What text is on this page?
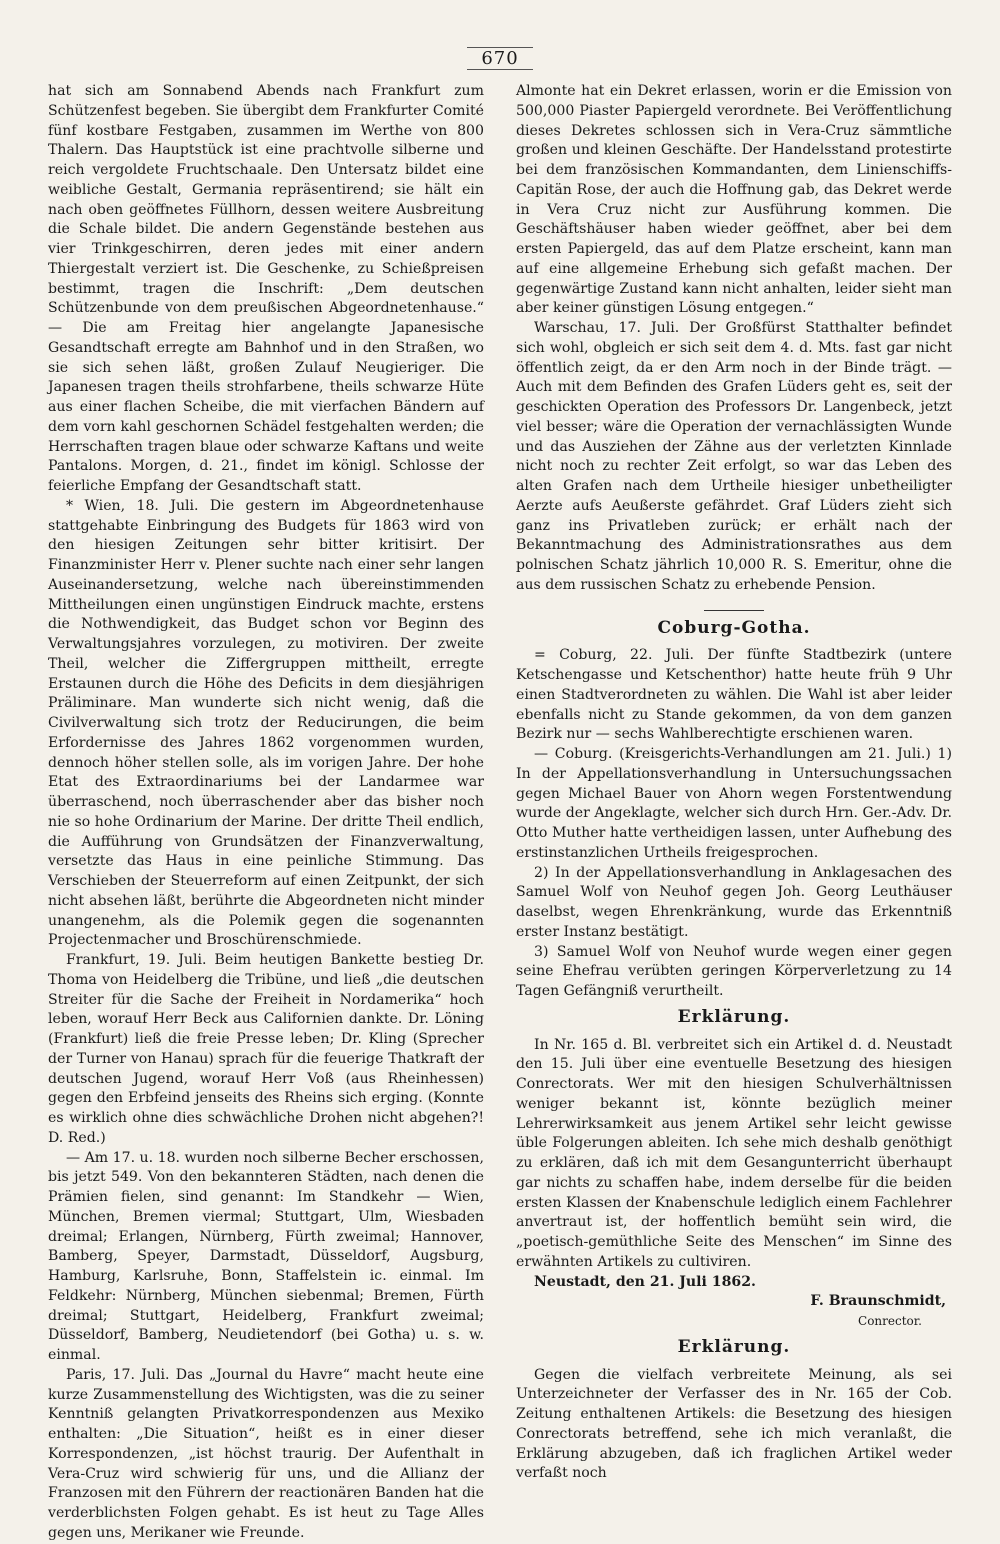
670

hat sich am Sonnabend Abends nach Frankfurt zum Schützenfest begeben. Sie übergibt dem Frankfurter Comité fünf kostbare Festgaben, zusammen im Werthe von 800 Thalern. Das Hauptstück ist eine prachtvolle silberne und reich vergoldete Fruchtschaale. Den Untersatz bildet eine weibliche Gestalt, Germania repräsentirend; sie hält ein nach oben geöffnetes Füllhorn, dessen weitere Ausbreitung die Schale bildet. Die andern Gegenstände bestehen aus vier Trinkgeschirren, deren jedes mit einer andern Thiergestalt verziert ist. Die Geschenke, zu Schießpreisen bestimmt, tragen die Inschrift: „Dem deutschen Schützenbunde von dem preußischen Abgeordnetenhause.“ — Die am Freitag hier angelangte Japanesische Gesandtschaft erregte am Bahnhof und in den Straßen, wo sie sich sehen läßt, großen Zulauf Neugieriger. Die Japanesen tragen theils strohfarbene, theils schwarze Hüte aus einer flachen Scheibe, die mit vierfachen Bändern auf dem vorn kahl geschornen Schädel festgehalten werden; die Herrschaften tragen blaue oder schwarze Kaftans und weite Pantalons. Morgen, d. 21., findet im königl. Schlosse der feierliche Empfang der Gesandtschaft statt.

* Wien, 18. Juli. Die gestern im Abgeordnetenhause stattgehabte Einbringung des Budgets für 1863 wird von den hiesigen Zeitungen sehr bitter kritisirt. Der Finanzminister Herr v. Plener suchte nach einer sehr langen Auseinandersetzung, welche nach übereinstimmenden Mittheilungen einen ungünstigen Eindruck machte, erstens die Nothwendigkeit, das Budget schon vor Beginn des Verwaltungsjahres vorzulegen, zu motiviren. Der zweite Theil, welcher die Ziffergruppen mittheilt, erregte Erstaunen durch die Höhe des Deficits in dem diesjährigen Präliminare. Man wunderte sich nicht wenig, daß die Civilverwaltung sich trotz der Reducirungen, die beim Erfordernisse des Jahres 1862 vorgenommen wurden, dennoch höher stellen solle, als im vorigen Jahre. Der hohe Etat des Extraordinariums bei der Landarmee war überraschend, noch überraschender aber das bisher noch nie so hohe Ordinarium der Marine. Der dritte Theil endlich, die Aufführung von Grundsätzen der Finanzverwaltung, versetzte das Haus in eine peinliche Stimmung. Das Verschieben der Steuerreform auf einen Zeitpunkt, der sich nicht absehen läßt, berührte die Abgeordneten nicht minder unangenehm, als die Polemik gegen die sogenannten Projectenmacher und Broschürenschmiede.

Frankfurt, 19. Juli. Beim heutigen Bankette bestieg Dr. Thoma von Heidelberg die Tribüne, und ließ „die deutschen Streiter für die Sache der Freiheit in Nordamerika“ hoch leben, worauf Herr Beck aus Californien dankte. Dr. Löning (Frankfurt) ließ die freie Presse leben; Dr. Kling (Sprecher der Turner von Hanau) sprach für die feuerige Thatkraft der deutschen Jugend, worauf Herr Voß (aus Rheinhessen) gegen den Erbfeind jenseits des Rheins sich erging. (Konnte es wirklich ohne dies schwächliche Drohen nicht abgehen?! D. Red.)

— Am 17. u. 18. wurden noch silberne Becher erschossen, bis jetzt 549. Von den bekannteren Städten, nach denen die Prämien fielen, sind genannt: Im Standkehr — Wien, München, Bremen viermal; Stuttgart, Ulm, Wiesbaden dreimal; Erlangen, Nürnberg, Fürth zweimal; Hannover, Bamberg, Speyer, Darmstadt, Düsseldorf, Augsburg, Hamburg, Karlsruhe, Bonn, Staffelstein ic. einmal. Im Feldkehr: Nürnberg, München siebenmal; Bremen, Fürth dreimal; Stuttgart, Heidelberg, Frankfurt zweimal; Düsseldorf, Bamberg, Neudietendorf (bei Gotha) u. s. w. einmal.

Paris, 17. Juli. Das „Journal du Havre“ macht heute eine kurze Zusammenstellung des Wichtigsten, was die zu seiner Kenntniß gelangten Privatkorrespondenzen aus Mexiko enthalten: „Die Situation“, heißt es in einer dieser Korrespondenzen, „ist höchst traurig. Der Aufenthalt in Vera-Cruz wird schwierig für uns, und die Allianz der Franzosen mit den Führern der reactionären Banden hat die verderblichsten Folgen gehabt. Es ist heut zu Tage Alles gegen uns, Merikaner wie Freunde.

Almonte hat ein Dekret erlassen, worin er die Emission von 500,000 Piaster Papiergeld verordnete. Bei Veröffentlichung dieses Dekretes schlossen sich in Vera-Cruz sämmtliche großen und kleinen Geschäfte. Der Handelsstand protestirte bei dem französischen Kommandanten, dem Linienschiffs-Capitän Rose, der auch die Hoffnung gab, das Dekret werde in Vera Cruz nicht zur Ausführung kommen. Die Geschäftshäuser haben wieder geöffnet, aber bei dem ersten Papiergeld, das auf dem Platze erscheint, kann man auf eine allgemeine Erhebung sich gefaßt machen. Der gegenwärtige Zustand kann nicht anhalten, leider sieht man aber keiner günstigen Lösung entgegen.“

Warschau, 17. Juli. Der Großfürst Statthalter befindet sich wohl, obgleich er sich seit dem 4. d. Mts. fast gar nicht öffentlich zeigt, da er den Arm noch in der Binde trägt. — Auch mit dem Befinden des Grafen Lüders geht es, seit der geschickten Operation des Professors Dr. Langenbeck, jetzt viel besser; wäre die Operation der vernachlässigten Wunde und das Ausziehen der Zähne aus der verletzten Kinnlade nicht noch zu rechter Zeit erfolgt, so war das Leben des alten Grafen nach dem Urtheile hiesiger unbetheiligter Aerzte aufs Aeußerste gefährdet. Graf Lüders zieht sich ganz ins Privatleben zurück; er erhält nach der Bekanntmachung des Administrationsrathes aus dem polnischen Schatz jährlich 10,000 R. S. Emeritur, ohne die aus dem russischen Schatz zu erhebende Pension.

Coburg-Gotha.

= Coburg, 22. Juli. Der fünfte Stadtbezirk (untere Ketschengasse und Ketschenthor) hatte heute früh 9 Uhr einen Stadtverordneten zu wählen. Die Wahl ist aber leider ebenfalls nicht zu Stande gekommen, da von dem ganzen Bezirk nur — sechs Wahlberechtigte erschienen waren.

— Coburg. (Kreisgerichts-Verhandlungen am 21. Juli.) 1) In der Appellationsverhandlung in Untersuchungssachen gegen Michael Bauer von Ahorn wegen Forstentwendung wurde der Angeklagte, welcher sich durch Hrn. Ger.-Adv. Dr. Otto Muther hatte vertheidigen lassen, unter Aufhebung des erstinstanzlichen Urtheils freigesprochen.

2) In der Appellationsverhandlung in Anklagesachen des Samuel Wolf von Neuhof gegen Joh. Georg Leuthäuser daselbst, wegen Ehrenkränkung, wurde das Erkenntniß erster Instanz bestätigt.

3) Samuel Wolf von Neuhof wurde wegen einer gegen seine Ehefrau verübten geringen Körperverletzung zu 14 Tagen Gefängniß verurtheilt.

Erklärung.

In Nr. 165 d. Bl. verbreitet sich ein Artikel d. d. Neustadt den 15. Juli über eine eventuelle Besetzung des hiesigen Conrectorats. Wer mit den hiesigen Schulverhältnissen weniger bekannt ist, könnte bezüglich meiner Lehrerwirksamkeit aus jenem Artikel sehr leicht gewisse üble Folgerungen ableiten. Ich sehe mich deshalb genöthigt zu erklären, daß ich mit dem Gesangunterricht überhaupt gar nichts zu schaffen habe, indem derselbe für die beiden ersten Klassen der Knabenschule lediglich einem Fachlehrer anvertraut ist, der hoffentlich bemüht sein wird, die „poetisch-gemüthliche Seite des Menschen“ im Sinne des erwähnten Artikels zu cultiviren.

Neustadt, den 21. Juli 1862.

F. Braunschmidt,

Conrector.

Erklärung.

Gegen die vielfach verbreitete Meinung, als sei Unterzeichneter der Verfasser des in Nr. 165 der Cob. Zeitung enthaltenen Artikels: die Besetzung des hiesigen Conrectorats betreffend, sehe ich mich veranlaßt, die Erklärung abzugeben, daß ich fraglichen Artikel weder verfaßt noch
